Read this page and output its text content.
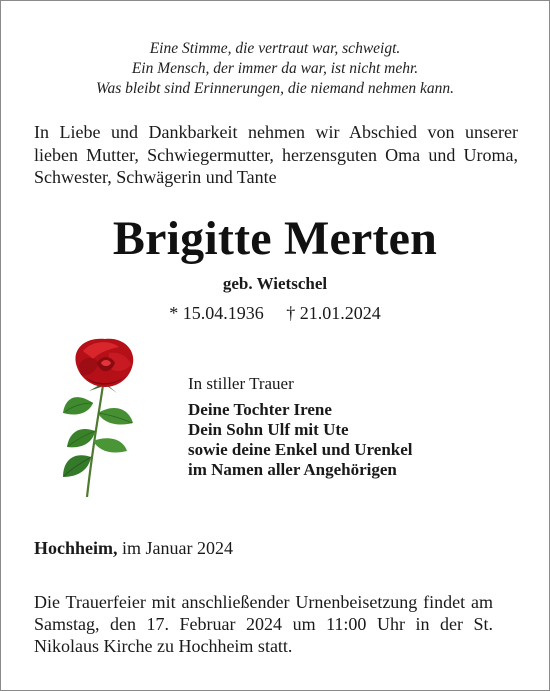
Eine Stimme, die vertraut war, schweigt.
Ein Mensch, der immer da war, ist nicht mehr.
Was bleibt sind Erinnerungen, die niemand nehmen kann.
In Liebe und Dankbarkeit nehmen wir Abschied von unserer lieben Mutter, Schwiegermutter, herzensguten Oma und Uroma, Schwester, Schwägerin und Tante
Brigitte Merten
geb. Wietschel
* 15.04.1936 † 21.01.2024
In stiller Trauer
Deine Tochter Irene
Dein Sohn Ulf mit Ute
sowie deine Enkel und Urenkel
im Namen aller Angehörigen
Hochheim, im Januar 2024
Die Trauerfeier mit anschließender Urnenbeisetzung findet am Samstag, den 17. Februar 2024 um 11:00 Uhr in der St. Nikolaus Kirche zu Hochheim statt.
